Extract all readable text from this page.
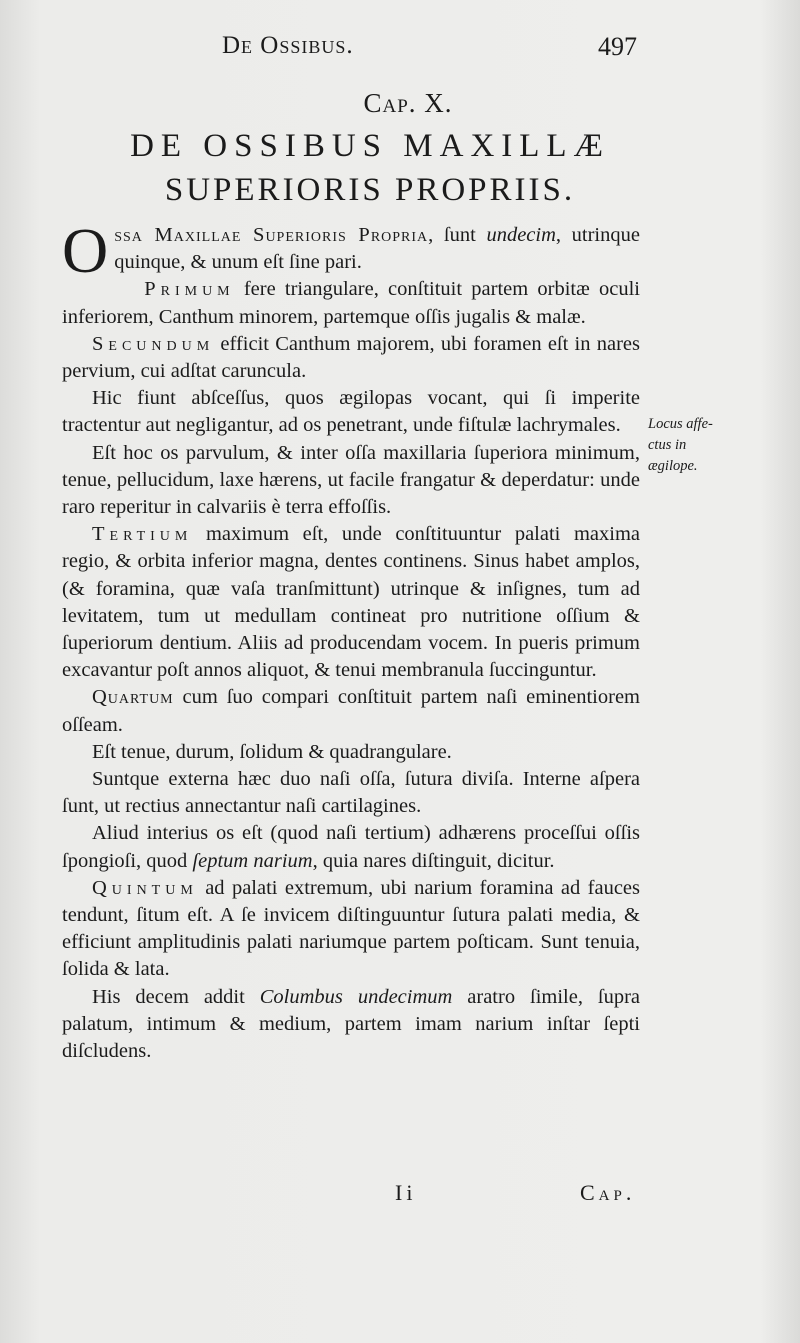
De Ossibus.	497
Cap. X.
DE OSSIBUS MAXILLÆ
SUPERIORIS PROPRIIS.

Ossa Maxillae Superioris Propria, ſunt undecim, utrinque quinque, & unum eſt ſine pari.

Primum fere triangulare, conſtituit partem orbitæ oculi inferiorem, Canthum minorem, partemque oſſis jugalis & malæ.

Secundum efficit Canthum majorem, ubi foramen eſt in nares pervium, cui adſtat caruncula.

Hic fiunt abſceſſus, quos ægilopas vocant, qui ſi imperite tractentur aut negligantur, ad os penetrant, unde fiſtulæ lachrymales.

Eſt hoc os parvulum, & inter oſſa maxillaria ſuperiora minimum, tenue, pellucidum, laxe hærens, ut facile frangatur & deperdatur: unde raro reperitur in calvariis è terra effoſſis.

Tertium maximum eſt, unde conſtituuntur palati maxima regio, & orbita inferior magna, dentes continens. Sinus habet amplos, (& foramina, quæ vaſa tranſmittunt) utrinque & inſignes, tum ad levitatem, tum ut medullam contineat pro nutritione oſſium & ſuperiorum dentium. Aliis ad producendam vocem. In pueris primum excavantur poſt annos aliquot, & tenui membranula ſuccinguntur.

Quartum cum ſuo compari conſtituit partem naſi eminentiorem oſſeam.

Eſt tenue, durum, ſolidum & quadrangulare.

Suntque externa hæc duo naſi oſſa, ſutura diviſa. Interne aſpera ſunt, ut rectius annectantur naſi cartilagines.

Aliud interius os eſt (quod naſi tertium) adhærens proceſſui oſſis ſpongioſi, quod ſeptum narium, quia nares diſtinguit, dicitur.

Quintum ad palati extremum, ubi narium foramina ad fauces tendunt, ſitum eſt. A ſe invicem diſtinguuntur ſutura palati media, & efficiunt amplitudinis palati nariumque partem poſticam. Sunt tenuia, ſolida & lata.

His decem addit Columbus undecimum aratro ſimile, ſupra palatum, intimum & medium, partem imam narium inſtar ſepti diſcludens.

Locus affe-
ctus in
ægilope.
Ii	Cap.
